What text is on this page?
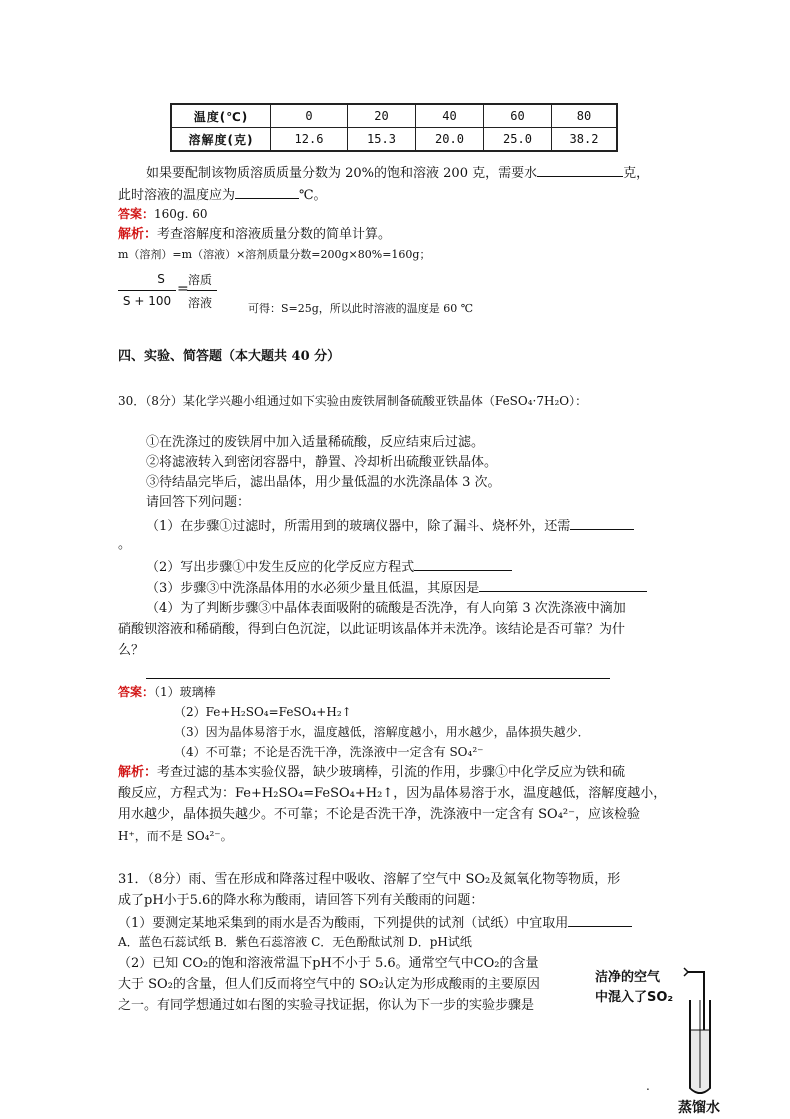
温度(℃)	0	20	40	60	80
溶解度(克)	12.6	15.3	20.0	25.0	38.2
如果要配制该物质溶质质量分数为 20%的饱和溶液 200 克，需要水	克，
此时溶液的温度应为	℃。
答案：160g. 60
解析：考查溶解度和溶液质量分数的简单计算。
m（溶剂）=m（溶液）×溶剂质量分数=200g×80%=160g；
S
S + 100
=
溶质
溶液	可得：S=25g，所以此时溶液的温度是 60 ℃
四、实验、简答题（本大题共 40 分）
30．（8分）某化学兴趣小组通过如下实验由废铁屑制备硫酸亚铁晶体（FeSO₄·7H₂O）：
①在洗涤过的废铁屑中加入适量稀硫酸，反应结束后过滤。
②将滤液转入到密闭容器中，静置、冷却析出硫酸亚铁晶体。
③待结晶完毕后，滤出晶体，用少量低温的水洗涤晶体 3 次。
请回答下列问题：
（1）在步骤①过滤时，所需用到的玻璃仪器中，除了漏斗、烧杯外，还需
。
（2）写出步骤①中发生反应的化学反应方程式
（3）步骤③中洗涤晶体用的水必须少量且低温，其原因是
（4）为了判断步骤③中晶体表面吸附的硫酸是否洗净，有人向第 3 次洗涤液中滴加
硝酸钡溶液和稀硝酸，得到白色沉淀，以此证明该晶体并未洗净。该结论是否可靠？为什
么？
答案：（1）玻璃棒
（2）Fe+H₂SO₄=FeSO₄+H₂↑
（3）因为晶体易溶于水，温度越低，溶解度越小，用水越少，晶体损失越少．
（4）不可靠；不论是否洗干净，洗涤液中一定含有 SO₄²⁻
解析：考查过滤的基本实验仪器，缺少玻璃棒，引流的作用，步骤①中化学反应为铁和硫
酸反应，方程式为：Fe+H₂SO₄=FeSO₄+H₂↑，因为晶体易溶于水，温度越低，溶解度越小，
用水越少，晶体损失越少。不可靠；不论是否洗干净，洗涤液中一定含有 SO₄²⁻，应该检验
H⁺，而不是 SO₄²⁻。
31．（8分）雨、雪在形成和降落过程中吸收、溶解了空气中 SO₂及氮氧化物等物质，形
成了pH小于5.6的降水称为酸雨，请回答下列有关酸雨的问题：
（1）要测定某地采集到的雨水是否为酸雨，下列提供的试剂（试纸）中宜取用
A．蓝色石蕊试纸 B．紫色石蕊溶液 C．无色酚酞试剂 D．pH试纸
（2）已知 CO₂的饱和溶液常温下pH不小于 5.6。通常空气中CO₂的含量
大于 SO₂的含量，但人们反而将空气中的 SO₂认定为形成酸雨的主要原因
之一。有同学想通过如右图的实验寻找证据，你认为下一步的实验步骤是
洁净的空气
中混入了SO₂
.
蒸馏水
